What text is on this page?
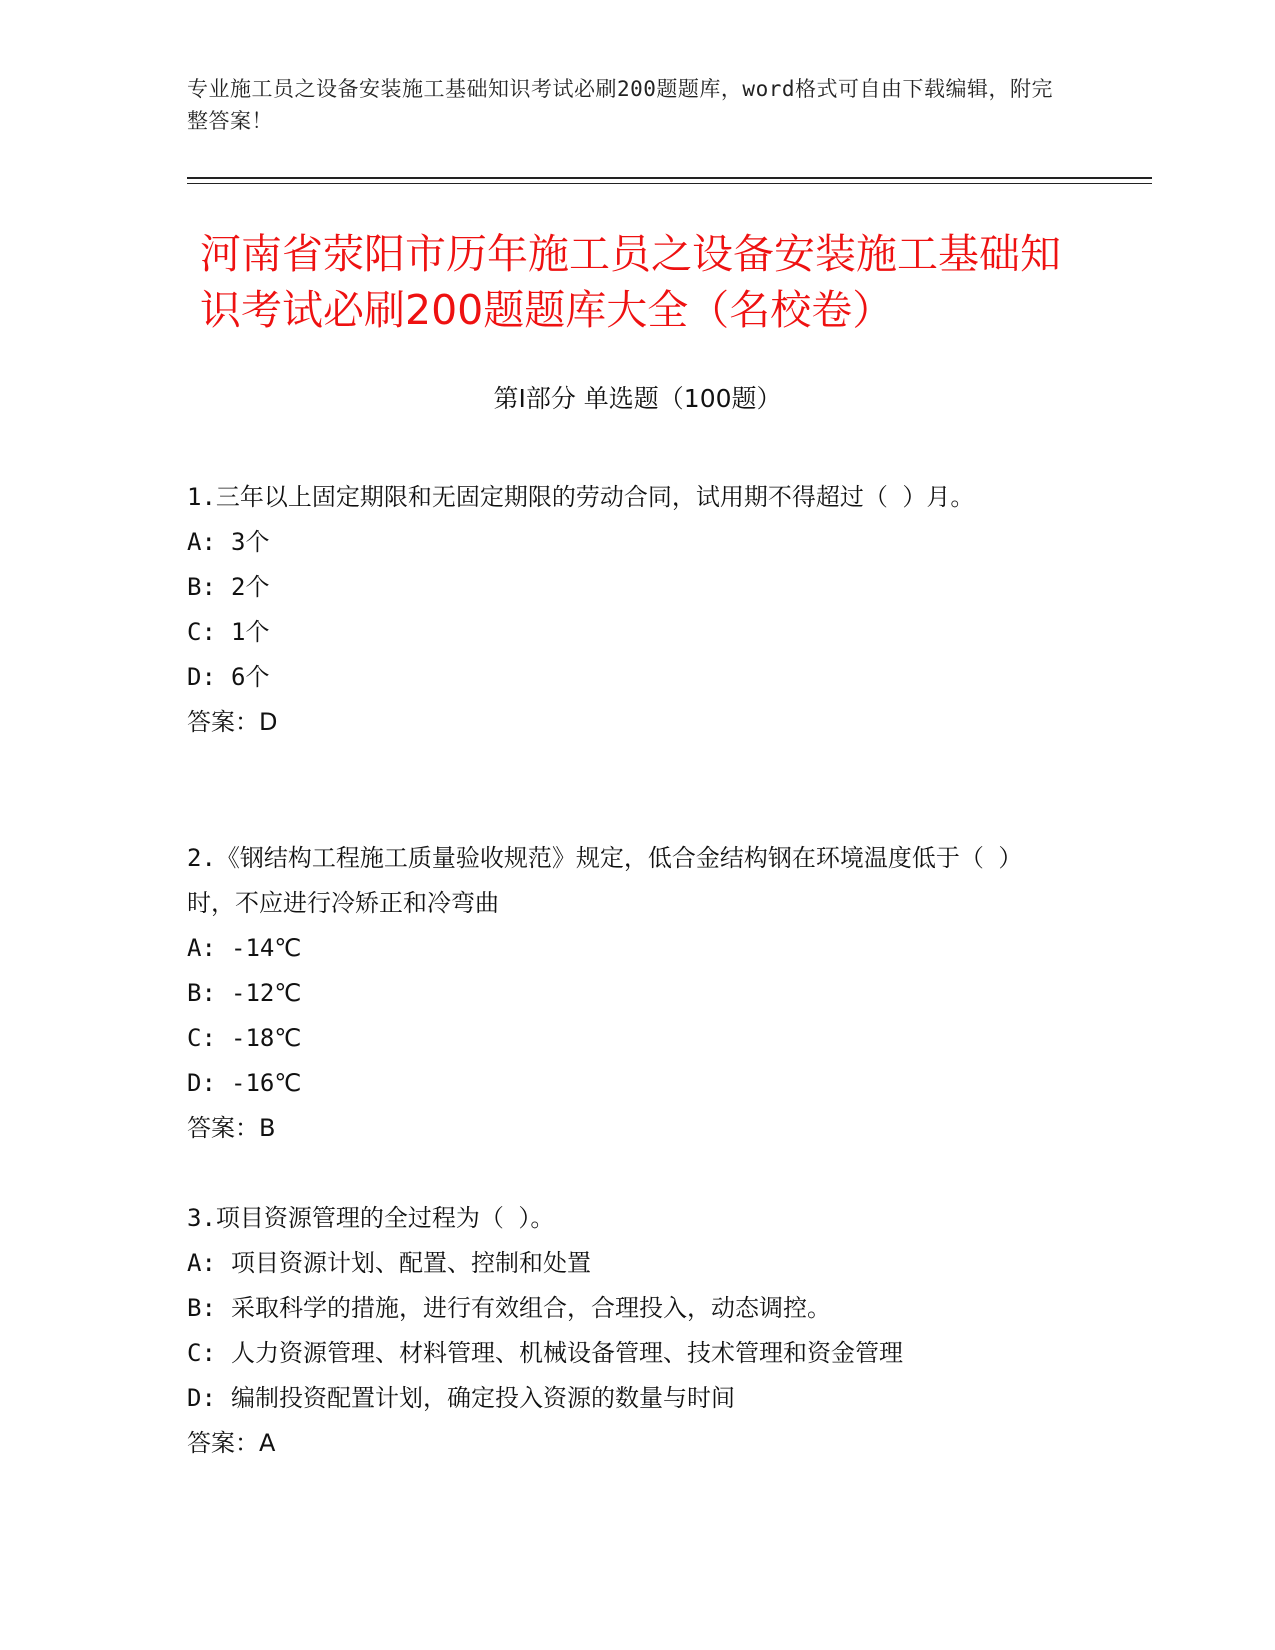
专业施工员之设备安装施工基础知识考试必刷200题题库，word格式可自由下载编辑，附完整答案！
河南省荥阳市历年施工员之设备安装施工基础知识考试必刷200题题库大全（名校卷）
第Ⅰ部分 单选题（100题）

1.三年以上固定期限和无固定期限的劳动合同，试用期不得超过（ ）月。

A: 3个

B: 2个

C: 1个

D: 6个

答案：D

2.《钢结构工程施工质量验收规范》规定，低合金结构钢在环境温度低于（ ）时，不应进行冷矫正和冷弯曲

A: -14℃

B: -12℃

C: -18℃

D: -16℃

答案：B

3.项目资源管理的全过程为（ ）。

A: 项目资源计划、配置、控制和处置

B: 采取科学的措施，进行有效组合，合理投入，动态调控。

C: 人力资源管理、材料管理、机械设备管理、技术管理和资金管理

D: 编制投资配置计划，确定投入资源的数量与时间

答案：A
